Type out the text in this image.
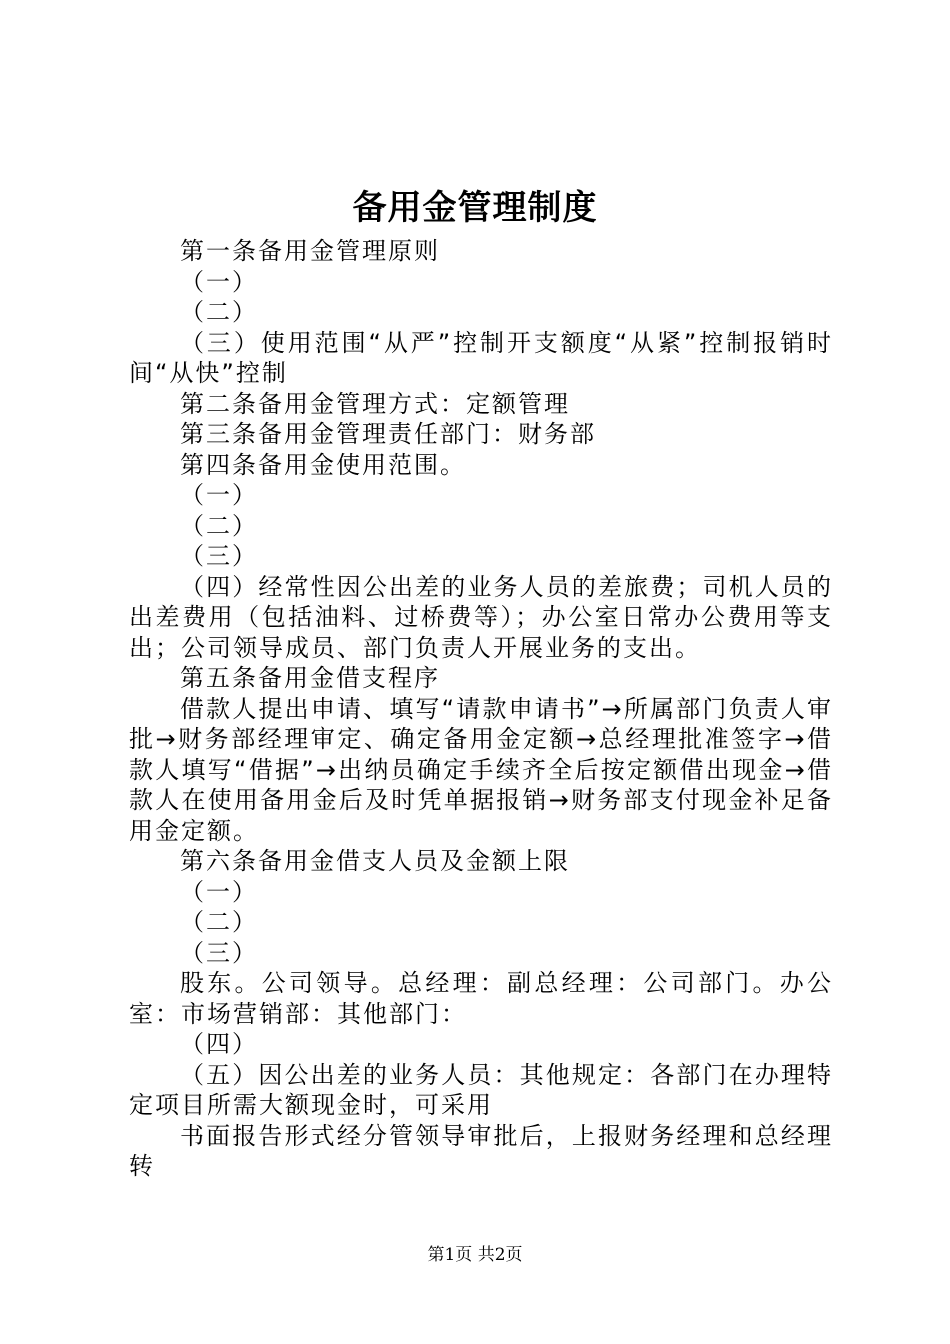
备用金管理制度

第一条备用金管理原则

（一）

（二）

（三）使用范围“从严”控制开支额度“从紧”控制报销时间“从快”控制

第二条备用金管理方式：定额管理

第三条备用金管理责任部门：财务部

第四条备用金使用范围。

（一）

（二）

（三）

（四）经常性因公出差的业务人员的差旅费；司机人员的出差费用（包括油料、过桥费等）；办公室日常办公费用等支出；公司领导成员、部门负责人开展业务的支出。

第五条备用金借支程序

借款人提出申请、填写“请款申请书”→所属部门负责人审批→财务部经理审定、确定备用金定额→总经理批准签字→借款人填写“借据”→出纳员确定手续齐全后按定额借出现金→借款人在使用备用金后及时凭单据报销→财务部支付现金补足备用金定额。

第六条备用金借支人员及金额上限

（一）

（二）

（三）

股东。公司领导。总经理：副总经理：公司部门。办公室：市场营销部：其他部门：

（四）

（五）因公出差的业务人员：其他规定：各部门在办理特定项目所需大额现金时，可采用

书面报告形式经分管领导审批后，上报财务经理和总经理转

第1页 共2页
